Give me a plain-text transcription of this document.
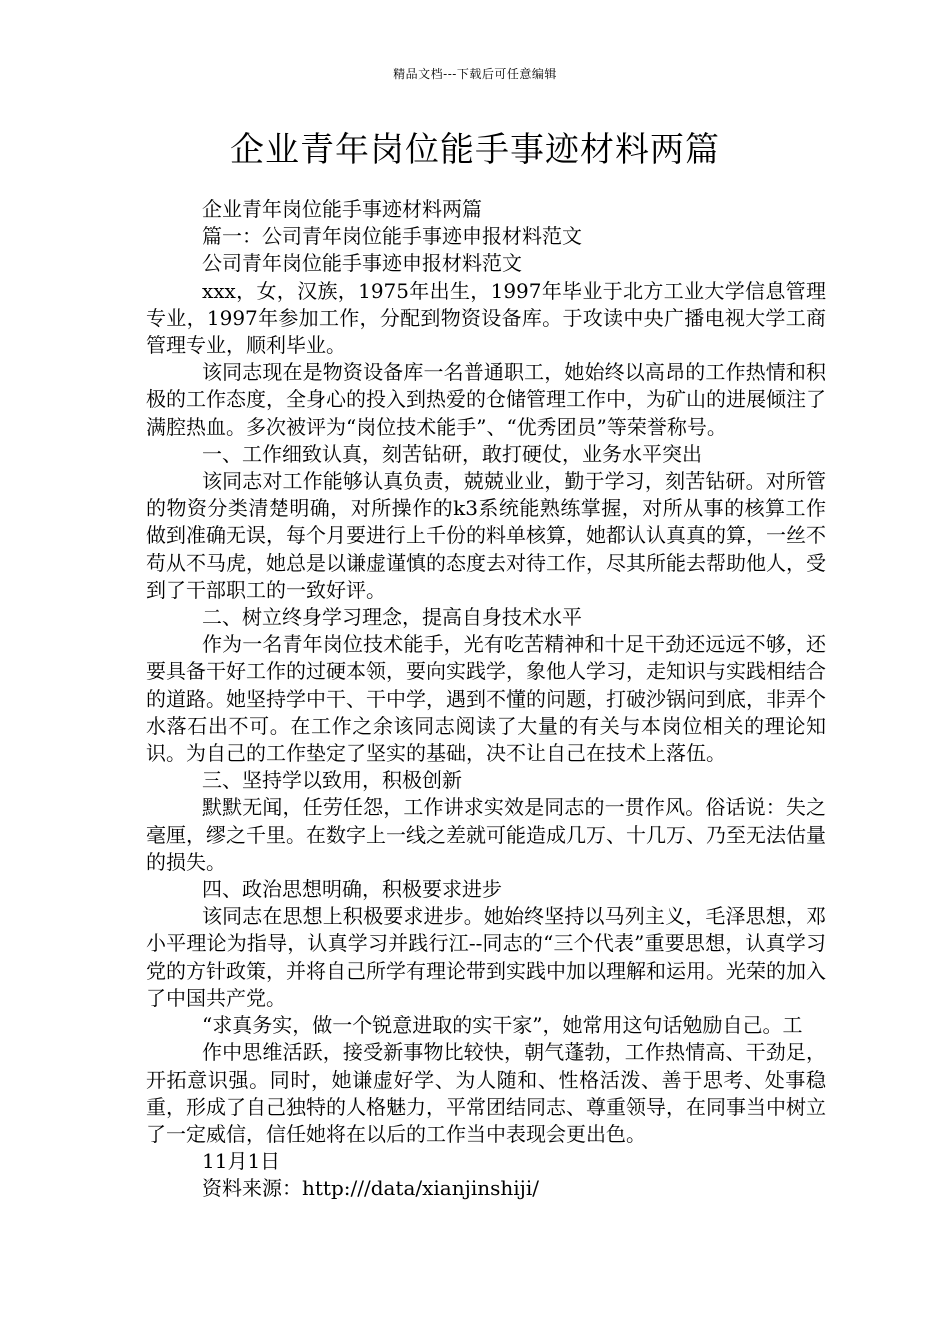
精品文档---下载后可任意编辑
企业青年岗位能手事迹材料两篇

企业青年岗位能手事迹材料两篇

篇一：公司青年岗位能手事迹申报材料范文

公司青年岗位能手事迹申报材料范文

xxx，女，汉族，1975年出生，1997年毕业于北方工业大学信息管理专业，1997年参加工作，分配到物资设备库。于攻读中央广播电视大学工商管理专业，顺利毕业。

该同志现在是物资设备库一名普通职工，她始终以高昂的工作热情和积极的工作态度，全身心的投入到热爱的仓储管理工作中，为矿山的进展倾注了满腔热血。多次被评为“岗位技术能手”、“优秀团员”等荣誉称号。

一、工作细致认真，刻苦钻研，敢打硬仗，业务水平突出

该同志对工作能够认真负责，兢兢业业，勤于学习，刻苦钻研。对所管的物资分类清楚明确，对所操作的k3系统能熟练掌握，对所从事的核算工作做到准确无误，每个月要进行上千份的料单核算，她都认认真真的算，一丝不苟从不马虎，她总是以谦虚谨慎的态度去对待工作，尽其所能去帮助他人，受到了干部职工的一致好评。

二、树立终身学习理念，提高自身技术水平

作为一名青年岗位技术能手，光有吃苦精神和十足干劲还远远不够，还要具备干好工作的过硬本领，要向实践学，象他人学习，走知识与实践相结合的道路。她坚持学中干、干中学，遇到不懂的问题，打破沙锅问到底，非弄个水落石出不可。在工作之余该同志阅读了大量的有关与本岗位相关的理论知识。为自己的工作垫定了坚实的基础，决不让自己在技术上落伍。

三、坚持学以致用，积极创新

默默无闻，任劳任怨，工作讲求实效是同志的一贯作风。俗话说：失之毫厘，缪之千里。在数字上一线之差就可能造成几万、十几万、乃至无法估量的损失。

四、政治思想明确，积极要求进步

该同志在思想上积极要求进步。她始终坚持以马列主义，毛泽思想，邓小平理论为指导，认真学习并践行江--同志的“三个代表”重要思想，认真学习党的方针政策，并将自己所学有理论带到实践中加以理解和运用。光荣的加入了中国共产党。

“求真务实，做一个锐意进取的实干家”，她常用这句话勉励自己。工

作中思维活跃，接受新事物比较快，朝气蓬勃，工作热情高、干劲足，开拓意识强。同时，她谦虚好学、为人随和、性格活泼、善于思考、处事稳重，形成了自己独特的人格魅力，平常团结同志、尊重领导，在同事当中树立了一定威信，信任她将在以后的工作当中表现会更出色。

11月1日

资料来源：http:///data/xianjinshiji/
